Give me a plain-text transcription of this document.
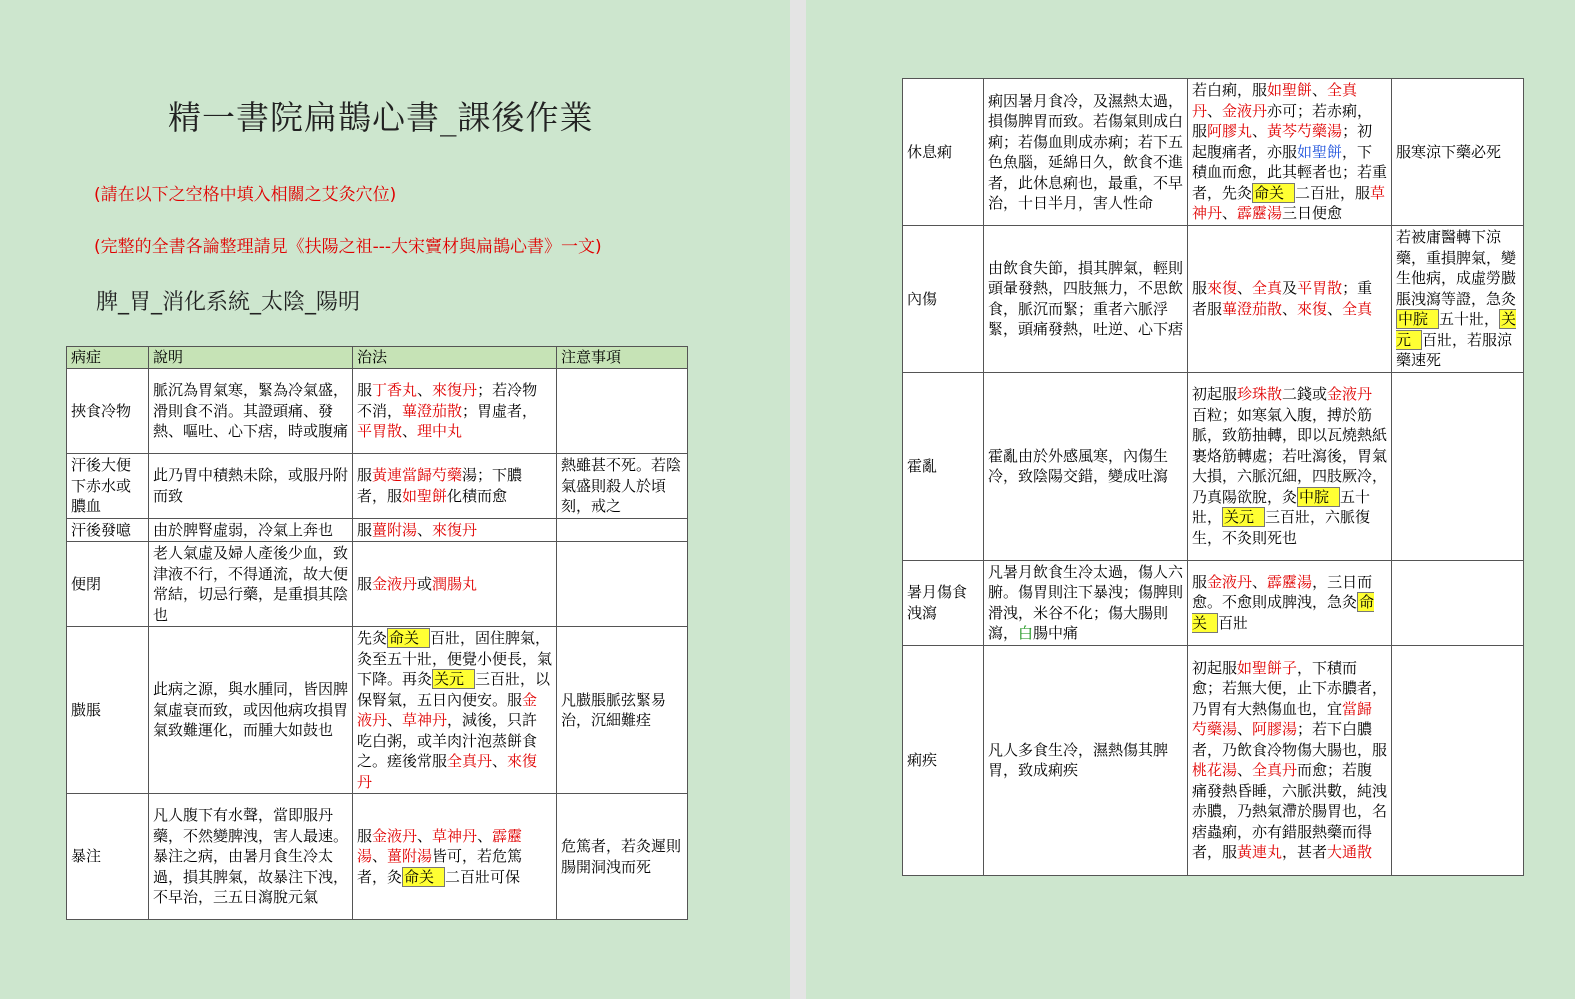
精一書院扁鵲心書_課後作業
(請在以下之空格中填入相關之艾灸穴位)
(完整的全書各論整理請見《扶陽之祖---大宋竇材與扁鵲心書》一文)
脾_胃_消化系統_太陰_陽明
病症	說明	治法	注意事項
挾食冷物	脈沉為胃氣寒，緊為冷氣盛，滑則食不消。其證頭痛、發熱、嘔吐、心下痞，時或腹痛	服丁香丸、來復丹；若冷物不消，蓽澄茄散；胃虛者，平胃散、理中丸	
汗後大便下赤水或膿血	此乃胃中積熱未除，或服丹附而致	服黃連當歸芍藥湯；下膿者，服如聖餅化積而愈	熱雖甚不死。若陰氣盛則殺人於頃刻，戒之
汗後發噫	由於脾腎虛弱，冷氣上奔也	服薑附湯、來復丹	
便閉	老人氣虛及婦人產後少血，致津液不行，不得通流，故大便常結，切忌行藥，是重損其陰也	服金液丹或潤腸丸	
臌脹	此病之源，與水腫同，皆因脾氣虛衰而致，或因他病攻損胃氣致難運化，而腫大如鼓也	先灸 命关 百壯，固住脾氣，灸至五十壯，便覺小便長，氣下降。再灸 关元 三百壯，以保腎氣，五日內便安。服金液丹、草神丹，減後，只許吃白粥，或羊肉汁泡蒸餅食之。瘥後常服全真丹、來復丹	凡臌脹脈弦緊易治，沉細難痊
暴注	凡人腹下有水聲，當即服丹藥，不然變脾洩，害人最速。暴注之病，由暑月食生冷太過，損其脾氣，故暴注下洩，不早治，三五日瀉脫元氣	服金液丹、草神丹、霹靂湯、薑附湯皆可，若危篤者，灸 命关 二百壯可保	危篤者，若灸遲則腸開洞洩而死
休息痢	痢因暑月食冷，及濕熱太過，損傷脾胃而致。若傷氣則成白痢；若傷血則成赤痢；若下五色魚腦，延綿日久，飲食不進者，此休息痢也，最重，不早治，十日半月，害人性命	若白痢，服如聖餅、全真丹、金液丹亦可；若赤痢，服阿膠丸、黃芩芍藥湯；初起腹痛者，亦服如聖餅，下積血而愈，此其輕者也；若重者，先灸 命关 二百壯，服草神丹、霹靂湯三日便愈	服寒涼下藥必死
內傷	由飲食失節，損其脾氣，輕則頭暈發熱，四肢無力，不思飲食，脈沉而緊；重者六脈浮緊，頭痛發熱，吐逆、心下痞	服來復、全真及平胃散；重者服蓽澄茄散、來復、全真	若被庸醫轉下涼藥，重損脾氣，變生他病，成虛勞臌脹洩瀉等證，急灸中脘 五十壯， 关元 百壯，若服涼藥速死
霍亂	霍亂由於外感風寒，內傷生冷，致陰陽交錯，變成吐瀉	初起服珍珠散二錢或金液丹百粒；如寒氣入腹，搏於筋脈，致筋抽轉，即以瓦燒熱紙裹烙筋轉處；若吐瀉後，胃氣大損，六脈沉細，四肢厥冷，乃真陽欲脫，灸 中脘 五十壯， 关元 三百壯，六脈復生，不灸則死也	
暑月傷食洩瀉	凡暑月飲食生冷太過，傷人六腑。傷胃則注下暴洩；傷脾則滑洩，米谷不化；傷大腸則瀉，白腸中痛	服金液丹、霹靂湯，三日而愈。不愈則成脾洩，急灸 命关 百壯	
痢疾	凡人多食生冷，濕熱傷其脾胃，致成痢疾	初起服如聖餅子，下積而愈；若無大便，止下赤膿者，乃胃有大熱傷血也，宜當歸芍藥湯、阿膠湯；若下白膿者，乃飲食冷物傷大腸也，服桃花湯、全真丹而愈；若腹痛發熱昏睡，六脈洪數，純洩赤膿，乃熱氣滯於腸胃也，名痞蟲痢，亦有錯服熱藥而得者，服黃連丸，甚者大通散	
